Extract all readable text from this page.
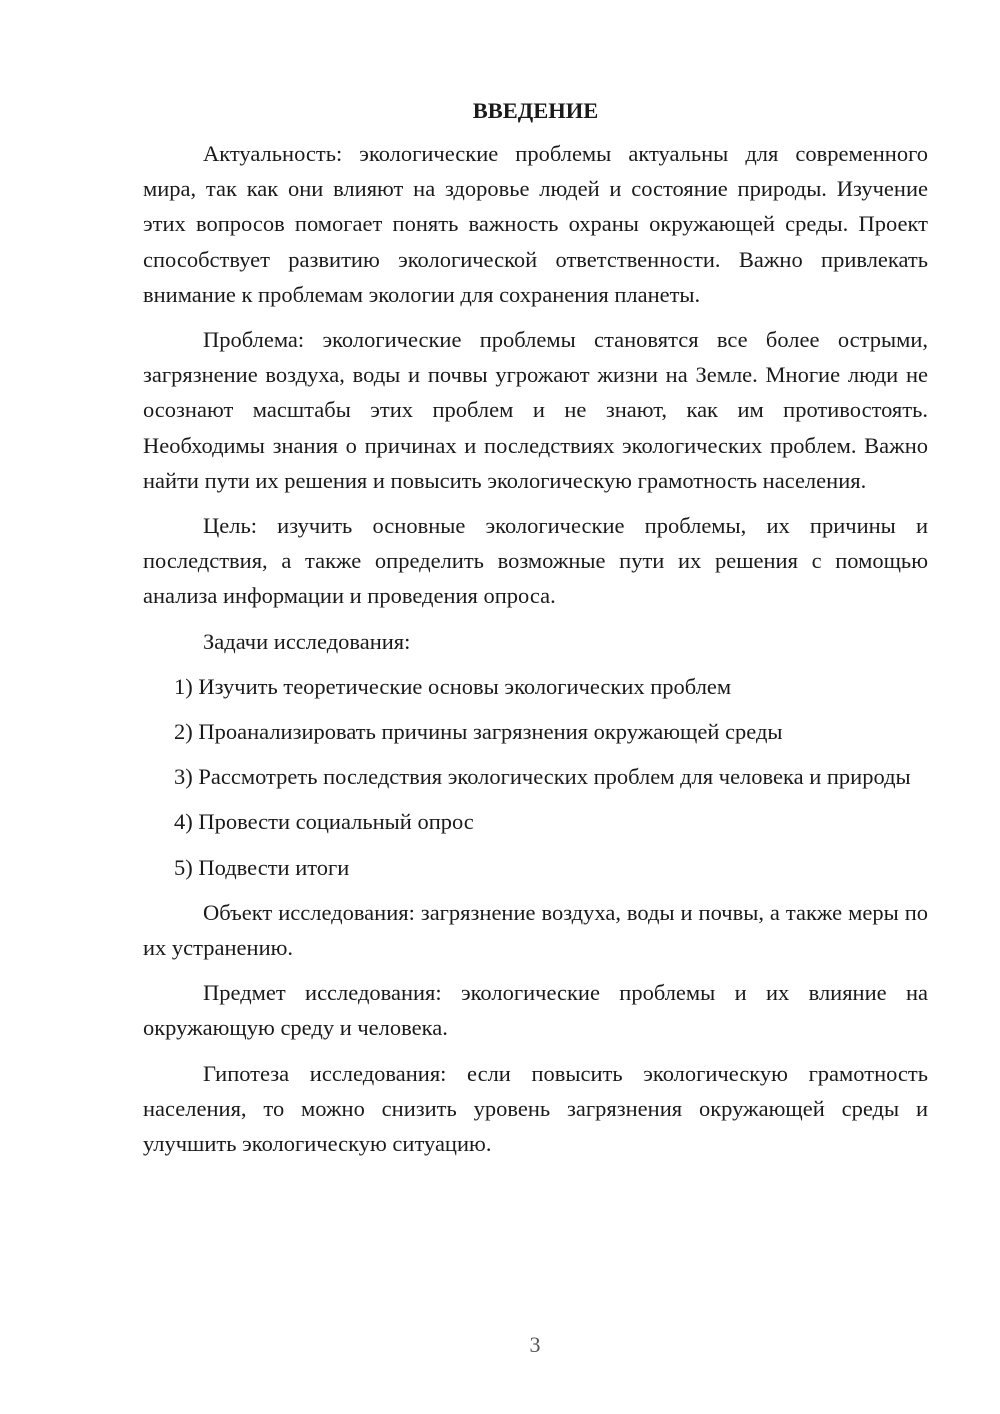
ВВЕДЕНИЕ

Актуальность: экологические проблемы актуальны для современного мира, так как они влияют на здоровье людей и состояние природы. Изучение этих вопросов помогает понять важность охраны окружающей среды. Проект способствует развитию экологической ответственности. Важно привлекать внимание к проблемам экологии для сохранения планеты.

Проблема: экологические проблемы становятся все более острыми, загрязнение воздуха, воды и почвы угрожают жизни на Земле. Многие люди не осознают масштабы этих проблем и не знают, как им противостоять. Необходимы знания о причинах и последствиях экологических проблем. Важно найти пути их решения и повысить экологическую грамотность населения.

Цель: изучить основные экологические проблемы, их причины и последствия, а также определить возможные пути их решения с помощью анализа информации и проведения опроса.

Задачи исследования:

1) Изучить теоретические основы экологических проблем

2) Проанализировать причины загрязнения окружающей среды

3) Рассмотреть последствия экологических проблем для человека и природы

4) Провести социальный опрос

5) Подвести итоги

Объект исследования: загрязнение воздуха, воды и почвы, а также меры по их устранению.

Предмет исследования: экологические проблемы и их влияние на окружающую среду и человека.

Гипотеза исследования: если повысить экологическую грамотность населения, то можно снизить уровень загрязнения окружающей среды и улучшить экологическую ситуацию.

3
